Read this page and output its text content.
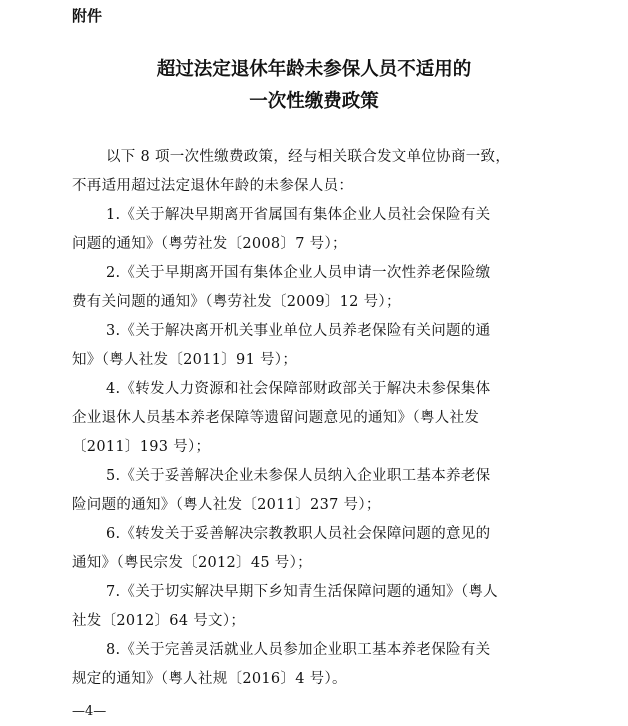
附件
超过法定退休年龄未参保人员不适用的
一次性缴费政策
以下 8 项一次性缴费政策，经与相关联合发文单位协商一致，
不再适用超过法定退休年龄的未参保人员：
1.《关于解决早期离开省属国有集体企业人员社会保险有关
问题的通知》（粤劳社发〔2008〕7 号）；
2.《关于早期离开国有集体企业人员申请一次性养老保险缴
费有关问题的通知》（粤劳社发〔2009〕12 号）；
3.《关于解决离开机关事业单位人员养老保险有关问题的通
知》（粤人社发〔2011〕91 号）；
4.《转发人力资源和社会保障部财政部关于解决未参保集体
企业退休人员基本养老保障等遗留问题意见的通知》（粤人社发
〔2011〕193 号）；
5.《关于妥善解决企业未参保人员纳入企业职工基本养老保
险问题的通知》（粤人社发〔2011〕237 号）；
6.《转发关于妥善解决宗教教职人员社会保障问题的意见的
通知》（粤民宗发〔2012〕45 号）；
7.《关于切实解决早期下乡知青生活保障问题的通知》（粤人
社发〔2012〕64 号文）；
8.《关于完善灵活就业人员参加企业职工基本养老保险有关
规定的通知》（粤人社规〔2016〕4 号）。
—4—
